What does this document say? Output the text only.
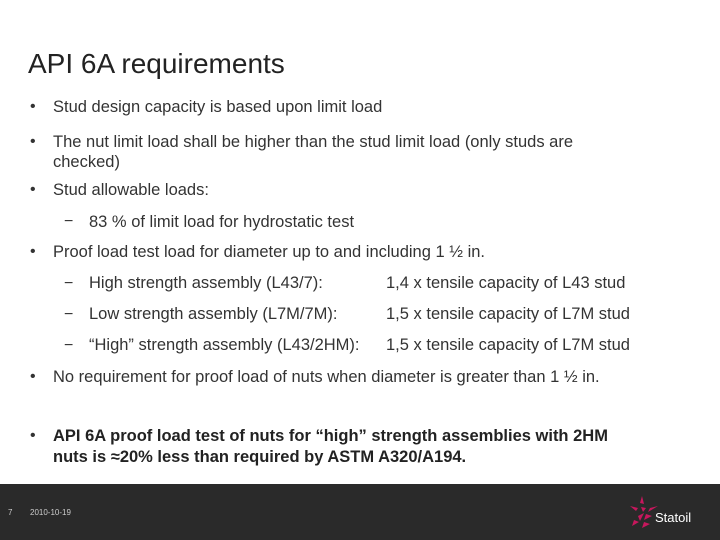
API 6A requirements
• Stud design capacity is based upon limit load
• The nut limit load shall be higher than the stud limit load (only studs are
checked)
• Stud allowable loads:
− 83 % of limit load for hydrostatic test
• Proof load test load for diameter up to and including 1 ½ in.
− High strength assembly (L43/7):	1,4 x tensile capacity of L43 stud
− Low strength assembly (L7M/7M):	1,5 x tensile capacity of L7M stud
− “High” strength assembly (L43/2HM): 1,5 x tensile capacity of L7M stud
• No requirement for proof load of nuts when diameter is greater than 1 ½ in.
• API 6A proof load test of nuts for “high” strength assemblies with 2HM
nuts is ≈20% less than required by ASTM A320/A194.
7 2010-10-19	Statoil
